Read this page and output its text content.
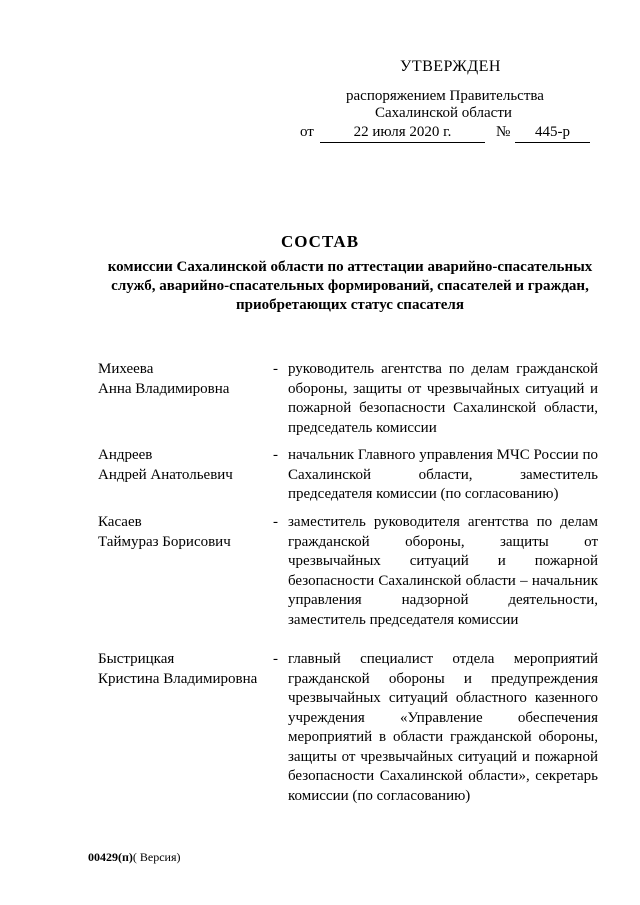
УТВЕРЖДЕН
распоряжением Правительства
Сахалинской области
от	22 июля 2020 г.	№	445-р
СОСТАВ
комиссии Сахалинской области по аттестации аварийно-спасательных служб, аварийно-спасательных формирований, спасателей и граждан, приобретающих статус спасателя
Михеева
Анна Владимировна
- руководитель агентства по делам гражданской обороны, защиты от чрезвычайных ситуаций и пожарной безопасности Сахалинской области, председатель комиссии
Андреев
Андрей Анатольевич
- начальник Главного управления МЧС России по Сахалинской области, заместитель председателя комиссии (по согласованию)
Касаев
Таймураз Борисович
- заместитель руководителя агентства по делам гражданской обороны, защиты от чрезвычайных ситуаций и пожарной безопасности Сахалинской области – начальник управления надзорной деятельности, заместитель председателя комиссии
Быстрицкая
Кристина Владимировна
- главный специалист отдела мероприятий гражданской обороны и предупреждения чрезвычайных ситуаций областного казенного учреждения «Управление обеспечения мероприятий в области гражданской обороны, защиты от чрезвычайных ситуаций и пожарной безопасности Сахалинской области», секретарь комиссии (по согласованию)
00429(п)( Версия)
